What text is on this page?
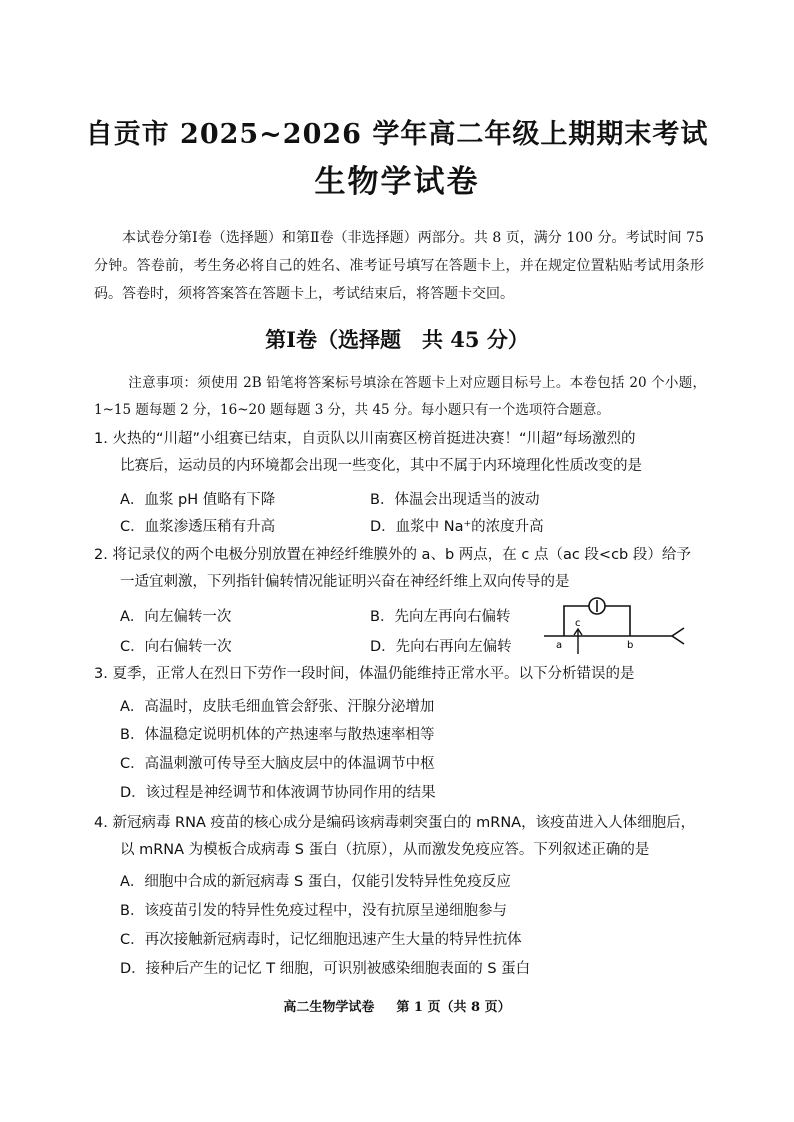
自贡市 2025~2026 学年高二年级上期期末考试
生物学试卷
本试卷分第Ⅰ卷（选择题）和第Ⅱ卷（非选择题）两部分。共 8 页，满分 100 分。考试时间 75 分钟。答卷前，考生务必将自己的姓名、准考证号填写在答题卡上，并在规定位置粘贴考试用条形码。答卷时，须将答案答在答题卡上，考试结束后，将答题卡交回。
第Ⅰ卷（选择题　共 45 分）
注意事项：须使用 2B 铅笔将答案标号填涂在答题卡上对应题目标号上。本卷包括 20 个小题，1~15 题每题 2 分，16~20 题每题 3 分，共 45 分。每小题只有一个选项符合题意。
1. 火热的“川超”小组赛已结束，自贡队以川南赛区榜首挺进决赛！“川超”每场激烈的
比赛后，运动员的内环境都会出现一些变化，其中不属于内环境理化性质改变的是
A．血浆 pH 值略有下降	B．体温会出现适当的波动
C．血浆渗透压稍有升高	D．血浆中 Na⁺的浓度升高
2. 将记录仪的两个电极分别放置在神经纤维膜外的 a、b 两点，在 c 点（ac 段<cb 段）给予
一适宜刺激，下列指针偏转情况能证明兴奋在神经纤维上双向传导的是
A．向左偏转一次	B．先向左再向右偏转
C．向右偏转一次	D．先向右再向左偏转	a
c
b
3. 夏季，正常人在烈日下劳作一段时间，体温仍能维持正常水平。以下分析错误的是
A．高温时，皮肤毛细血管会舒张、汗腺分泌增加
B．体温稳定说明机体的产热速率与散热速率相等
C．高温刺激可传导至大脑皮层中的体温调节中枢
D．该过程是神经调节和体液调节协同作用的结果
4. 新冠病毒 RNA 疫苗的核心成分是编码该病毒刺突蛋白的 mRNA，该疫苗进入人体细胞后，
以 mRNA 为模板合成病毒 S 蛋白（抗原），从而激发免疫应答。下列叙述正确的是
A．细胞中合成的新冠病毒 S 蛋白，仅能引发特异性免疫反应
B．该疫苗引发的特异性免疫过程中，没有抗原呈递细胞参与
C．再次接触新冠病毒时，记忆细胞迅速产生大量的特异性抗体
D．接种后产生的记忆 T 细胞，可识别被感染细胞表面的 S 蛋白
高二生物学试卷 第 1 页（共 8 页）
